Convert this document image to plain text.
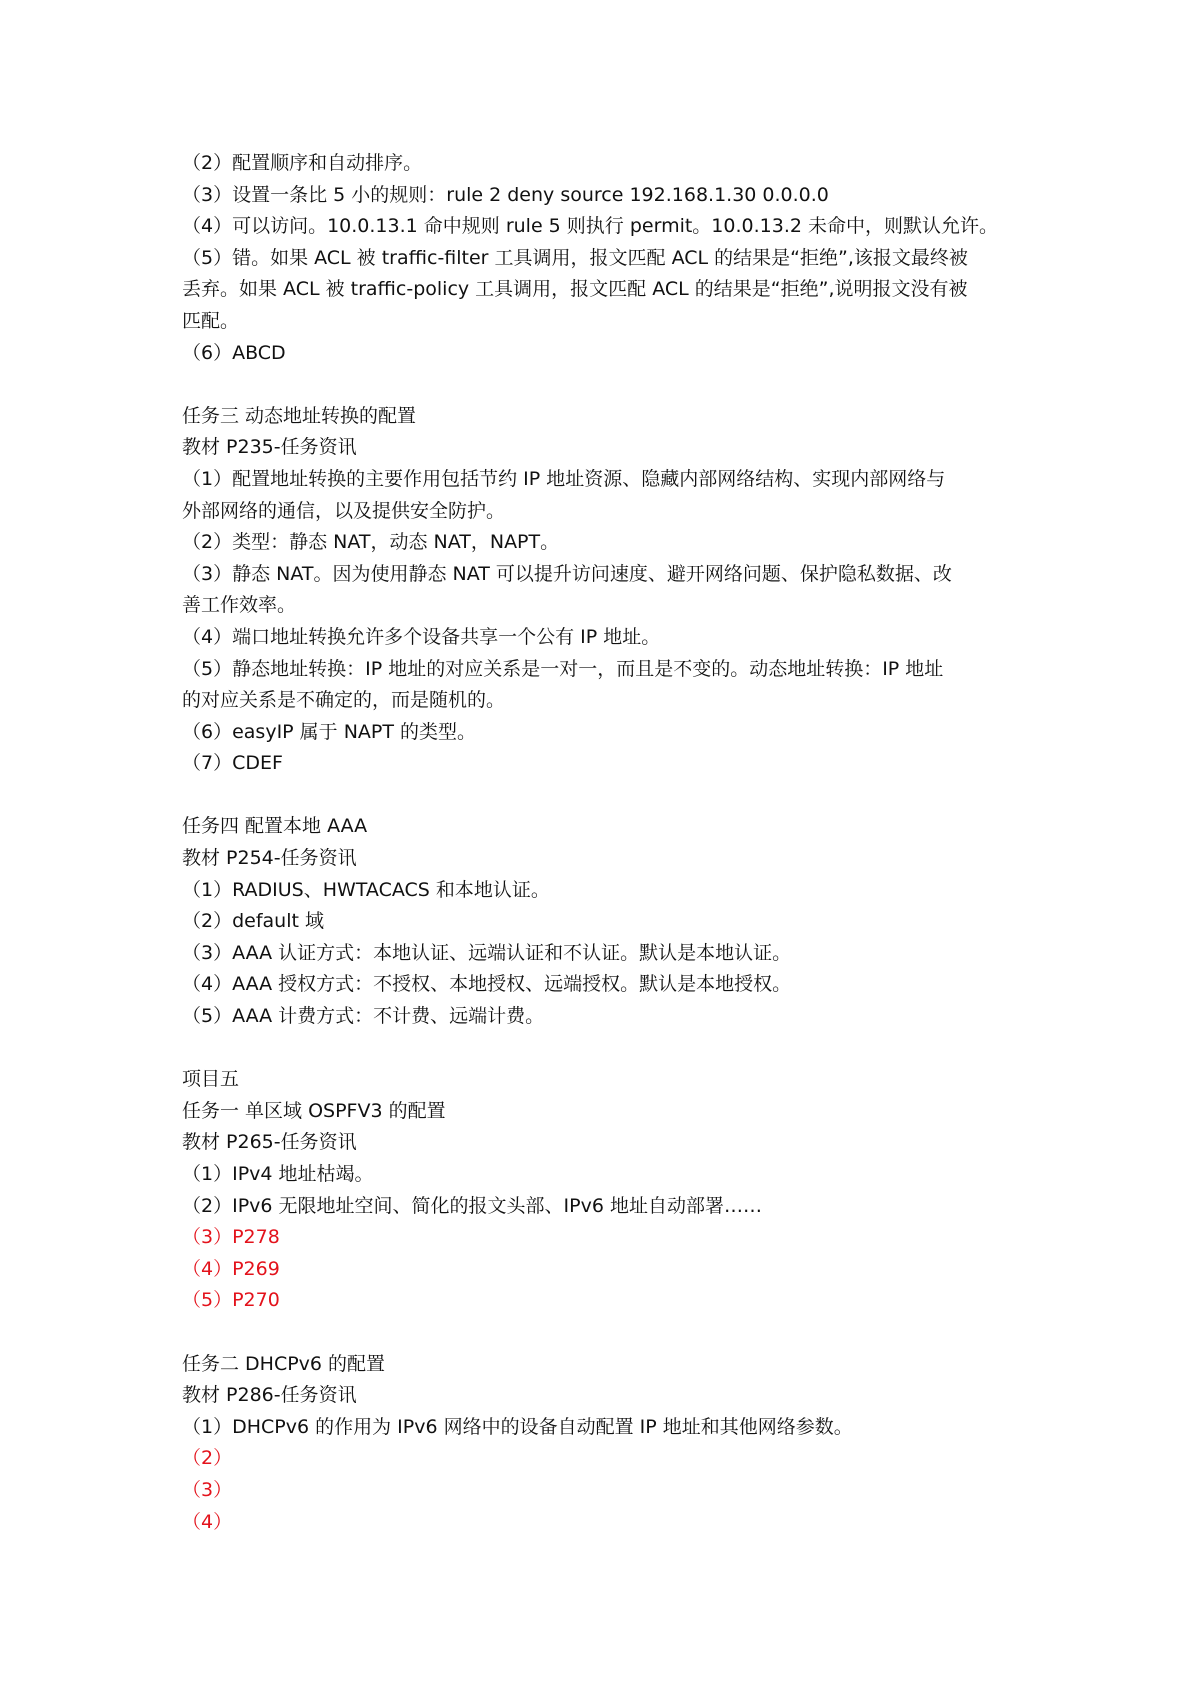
（2）配置顺序和自动排序。
（3）设置一条比 5 小的规则：rule 2 deny source 192.168.1.30 0.0.0.0
（4）可以访问。10.0.13.1 命中规则 rule 5 则执行 permit。10.0.13.2 未命中，则默认允许。
（5）错。如果 ACL 被 traffic-filter 工具调用，报文匹配 ACL 的结果是“拒绝”,该报文最终被
丢弃。如果 ACL 被 traffic-policy 工具调用，报文匹配 ACL 的结果是“拒绝”,说明报文没有被
匹配。
（6）ABCD
任务三 动态地址转换的配置
教材 P235-任务资讯
（1）配置地址转换的主要作用包括节约 IP 地址资源、隐藏内部网络结构、实现内部网络与
外部网络的通信，以及提供安全防护。
（2）类型：静态 NAT，动态 NAT，NAPT。
（3）静态 NAT。因为使用静态 NAT 可以提升访问速度、避开网络问题、保护隐私数据、改
善工作效率。
（4）端口地址转换允许多个设备共享一个公有 IP 地址。
（5）静态地址转换：IP 地址的对应关系是一对一，而且是不变的。动态地址转换：IP 地址
的对应关系是不确定的，而是随机的。
（6）easyIP 属于 NAPT 的类型。
（7）CDEF
任务四 配置本地 AAA
教材 P254-任务资讯
（1）RADIUS、HWTACACS 和本地认证。
（2）default 域
（3）AAA 认证方式：本地认证、远端认证和不认证。默认是本地认证。
（4）AAA 授权方式：不授权、本地授权、远端授权。默认是本地授权。
（5）AAA 计费方式：不计费、远端计费。
项目五
任务一 单区域 OSPFV3 的配置
教材 P265-任务资讯
（1）IPv4 地址枯竭。
（2）IPv6 无限地址空间、简化的报文头部、IPv6 地址自动部署……
（3）P278
（4）P269
（5）P270
任务二 DHCPv6 的配置
教材 P286-任务资讯
（1）DHCPv6 的作用为 IPv6 网络中的设备自动配置 IP 地址和其他网络参数。
（2）
（3）
（4）
